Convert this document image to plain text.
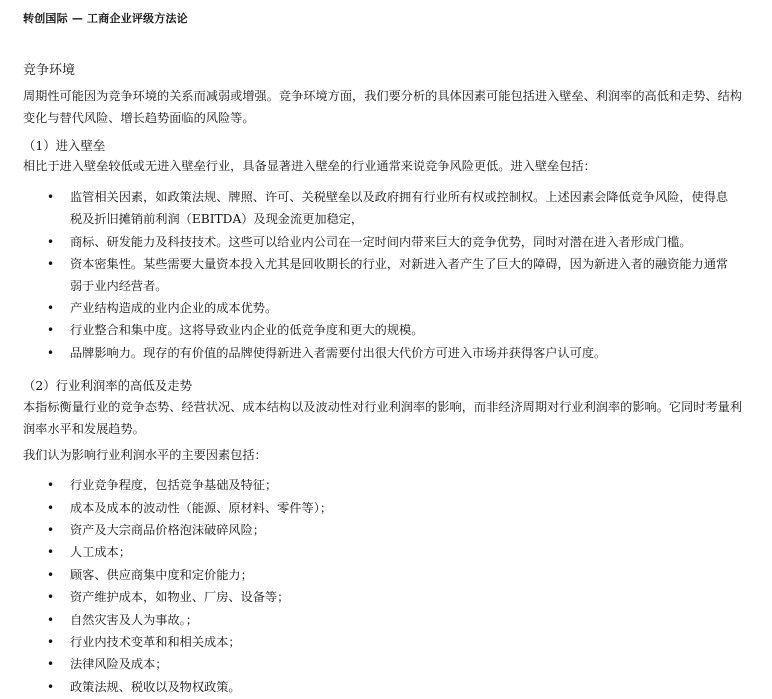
转创国际 — 工商企业评级方法论
竞争环境
周期性可能因为竞争环境的关系而减弱或增强。竞争环境方面，我们要分析的具体因素可能包括进入壁垒、利润率的高低和走势、结构变化与替代风险、增长趋势面临的风险等。
（1）进入壁垒
相比于进入壁垒较低或无进入壁垒行业，具备显著进入壁垒的行业通常来说竞争风险更低。进入壁垒包括：
• 监管相关因素，如政策法规、牌照、许可、关税壁垒以及政府拥有行业所有权或控制权。上述因素会降低竞争风险，使得息税及折旧摊销前利润（EBITDA）及现金流更加稳定，
• 商标、研发能力及科技技术。这些可以给业内公司在一定时间内带来巨大的竞争优势，同时对潜在进入者形成门槛。
• 资本密集性。某些需要大量资本投入尤其是回收期长的行业，对新进入者产生了巨大的障碍，因为新进入者的融资能力通常弱于业内经营者。
• 产业结构造成的业内企业的成本优势。
• 行业整合和集中度。这将导致业内企业的低竞争度和更大的规模。
• 品牌影响力。现存的有价值的品牌使得新进入者需要付出很大代价方可进入市场并获得客户认可度。
（2）行业利润率的高低及走势
本指标衡量行业的竞争态势、经营状况、成本结构以及波动性对行业利润率的影响，而非经济周期对行业利润率的影响。它同时考量利润率水平和发展趋势。
我们认为影响行业利润水平的主要因素包括：
• 行业竞争程度，包括竞争基础及特征；
• 成本及成本的波动性（能源、原材料、零件等）；
• 资产及大宗商品价格泡沫破碎风险；
• 人工成本；
• 顾客、供应商集中度和定价能力；
• 资产维护成本，如物业、厂房、设备等；
• 自然灾害及人为事故。；
• 行业内技术变革和和相关成本；
• 法律风险及成本；
• 政策法规、税收以及物权政策。
